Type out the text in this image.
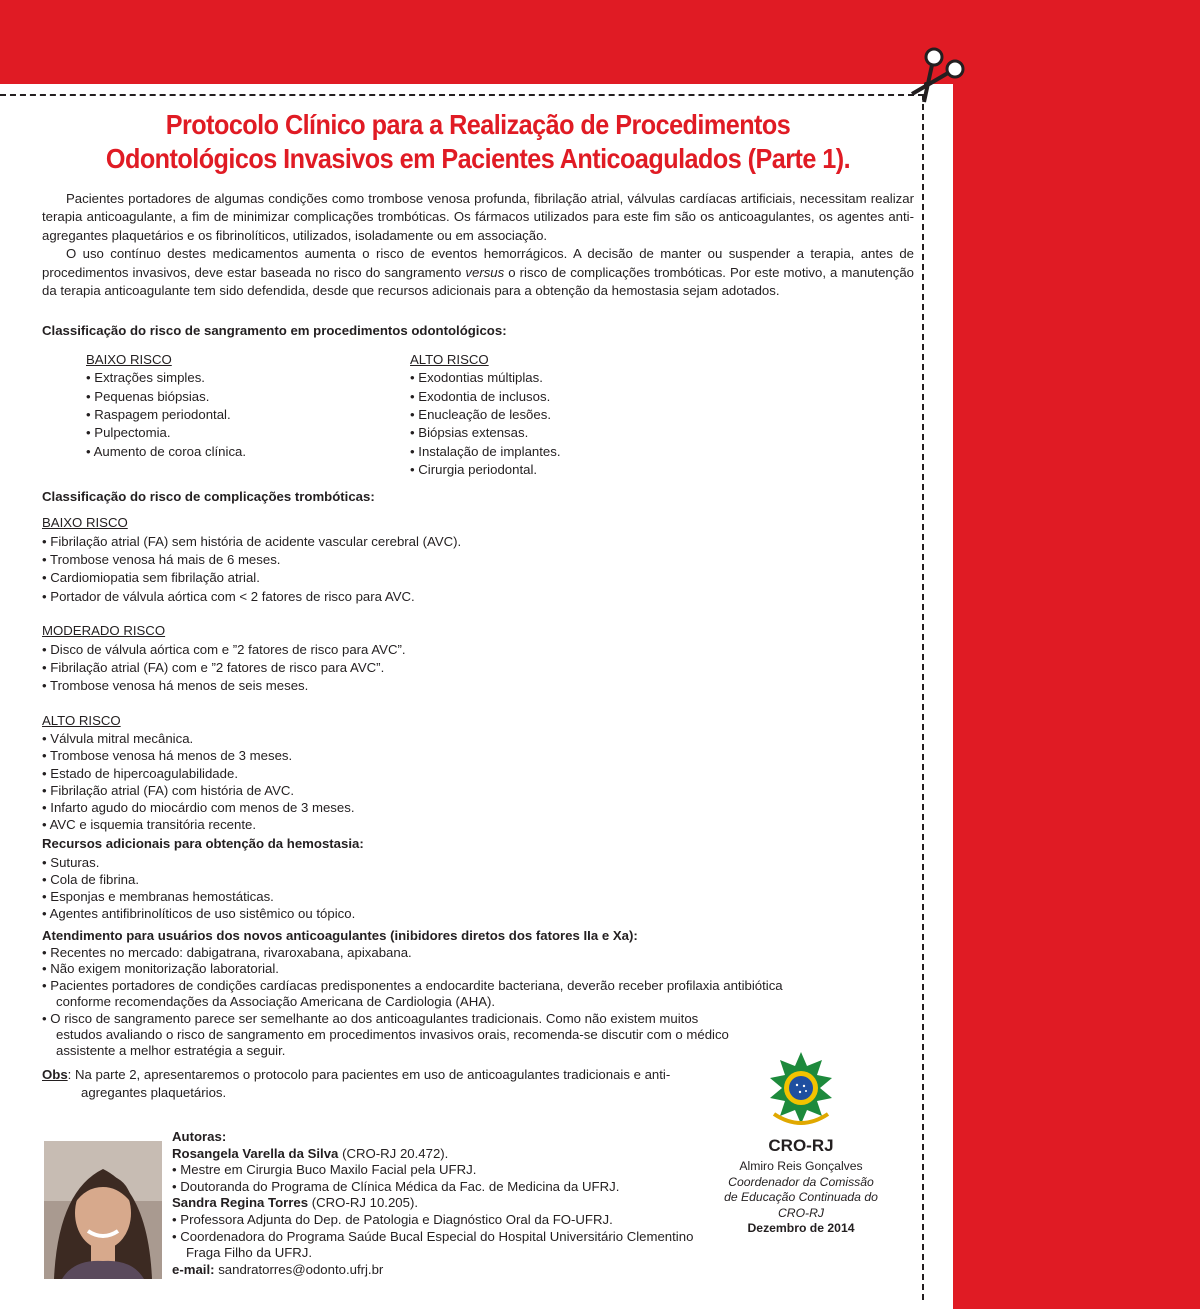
Protocolo Clínico para a Realização de Procedimentos
Odontológicos Invasivos em Pacientes Anticoagulados (Parte 1).

Pacientes portadores de algumas condições como trombose venosa profunda, fibrilação atrial, válvulas cardíacas artificiais, necessitam realizar terapia anticoagulante, a fim de minimizar complicações trombóticas. Os fármacos utilizados para este fim são os anticoagulantes, os agentes anti-agregantes plaquetários e os fibrinolíticos, utilizados, isoladamente ou em associação.

O uso contínuo destes medicamentos aumenta o risco de eventos hemorrágicos. A decisão de manter ou suspender a terapia, antes de procedimentos invasivos, deve estar baseada no risco do sangramento versus o risco de complicações trombóticas. Por este motivo, a manutenção da terapia anticoagulante tem sido defendida, desde que recursos adicionais para a obtenção da hemostasia sejam adotados.

Classificação do risco de sangramento em procedimentos odontológicos:

BAIXO RISCO
• Extrações simples.
• Pequenas biópsias.
• Raspagem periodontal.
• Pulpectomia.
• Aumento de coroa clínica.
ALTO RISCO
• Exodontias múltiplas.
• Exodontia de inclusos.
• Enucleação de lesões.
• Biópsias extensas.
• Instalação de implantes.
• Cirurgia periodontal.

Classificação do risco de complicações trombóticas:

BAIXO RISCO
• Fibrilação atrial (FA) sem história de acidente vascular cerebral (AVC).
• Trombose venosa há mais de 6 meses.
• Cardiomiopatia sem fibrilação atrial.
• Portador de válvula aórtica com < 2 fatores de risco para AVC.
MODERADO RISCO
• Disco de válvula aórtica com e ”2 fatores de risco para AVC”.
• Fibrilação atrial (FA) com e ”2 fatores de risco para AVC”.
• Trombose venosa há menos de seis meses.
ALTO RISCO
• Válvula mitral mecânica.
• Trombose venosa há menos de 3 meses.
• Estado de hipercoagulabilidade.
• Fibrilação atrial (FA) com história de AVC.
• Infarto agudo do miocárdio com menos de 3 meses.
• AVC e isquemia transitória recente.

Recursos adicionais para obtenção da hemostasia:

• Suturas.
• Cola de fibrina.
• Esponjas e membranas hemostáticas.
• Agentes antifibrinolíticos de uso sistêmico ou tópico.

Atendimento para usuários dos novos anticoagulantes (inibidores diretos dos fatores IIa e Xa):

• Recentes no mercado: dabigatrana, rivaroxabana, apixabana.
• Não exigem monitorização laboratorial.
• Pacientes portadores de condições cardíacas predisponentes a endocardite bacteriana, deverão receber profilaxia antibiótica conforme recomendações da Associação Americana de Cardiologia (AHA).
• O risco de sangramento parece ser semelhante ao dos anticoagulantes tradicionais. Como não existem muitos estudos avaliando o risco de sangramento em procedimentos invasivos orais, recomenda-se discutir com o médico assistente a melhor estratégia a seguir.

Obs: Na parte 2, apresentaremos o protocolo para pacientes em uso de anticoagulantes tradicionais e anti-agregantes plaquetários.

Autoras:
Rosangela Varella da Silva (CRO-RJ 20.472).
• Mestre em Cirurgia Buco Maxilo Facial pela UFRJ.
• Doutoranda do Programa de Clínica Médica da Fac. de Medicina da UFRJ.
Sandra Regina Torres (CRO-RJ 10.205).
• Professora Adjunta do Dep. de Patologia e Diagnóstico Oral da FO-UFRJ.
• Coordenadora do Programa Saúde Bucal Especial do Hospital Universitário Clementino Fraga Filho da UFRJ.
e-mail: sandratorres@odonto.ufrj.br
CRO-RJ
Almiro Reis Gonçalves
Coordenador da Comissão de Educação Continuada do CRO-RJ
Dezembro de 2014
